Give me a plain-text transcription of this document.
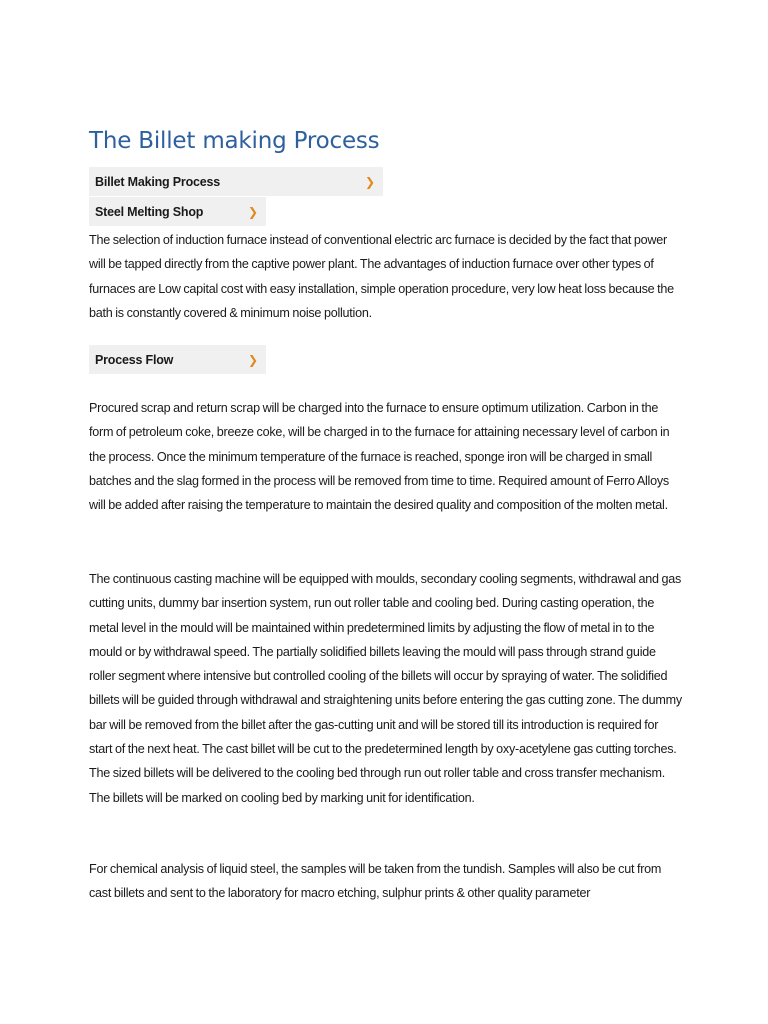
The Billet making Process
Billet Making Process	❯
Steel Melting Shop	❯

The selection of induction furnace instead of conventional electric arc furnace is decided by the fact that power will be tapped directly from the captive power plant. The advantages of induction furnace over other types of furnaces are Low capital cost with easy installation, simple operation procedure, very low heat loss because the bath is constantly covered & minimum noise pollution.

Process Flow	❯

Procured scrap and return scrap will be charged into the furnace to ensure optimum utilization. Carbon in the form of petroleum coke, breeze coke, will be charged in to the furnace for attaining necessary level of carbon in the process. Once the minimum temperature of the furnace is reached, sponge iron will be charged in small batches and the slag formed in the process will be removed from time to time. Required amount of Ferro Alloys will be added after raising the temperature to maintain the desired quality and composition of the molten metal.

The continuous casting machine will be equipped with moulds, secondary cooling segments, withdrawal and gas cutting units, dummy bar insertion system, run out roller table and cooling bed. During casting operation, the metal level in the mould will be maintained within predetermined limits by adjusting the flow of metal in to the mould or by withdrawal speed. The partially solidified billets leaving the mould will pass through strand guide roller segment where intensive but controlled cooling of the billets will occur by spraying of water. The solidified billets will be guided through withdrawal and straightening units before entering the gas cutting zone. The dummy bar will be removed from the billet after the gas-cutting unit and will be stored till its introduction is required for start of the next heat. The cast billet will be cut to the predetermined length by oxy-acetylene gas cutting torches. The sized billets will be delivered to the cooling bed through run out roller table and cross transfer mechanism. The billets will be marked on cooling bed by marking unit for identification.

For chemical analysis of liquid steel, the samples will be taken from the tundish. Samples will also be cut from cast billets and sent to the laboratory for macro etching, sulphur prints & other quality parameter
